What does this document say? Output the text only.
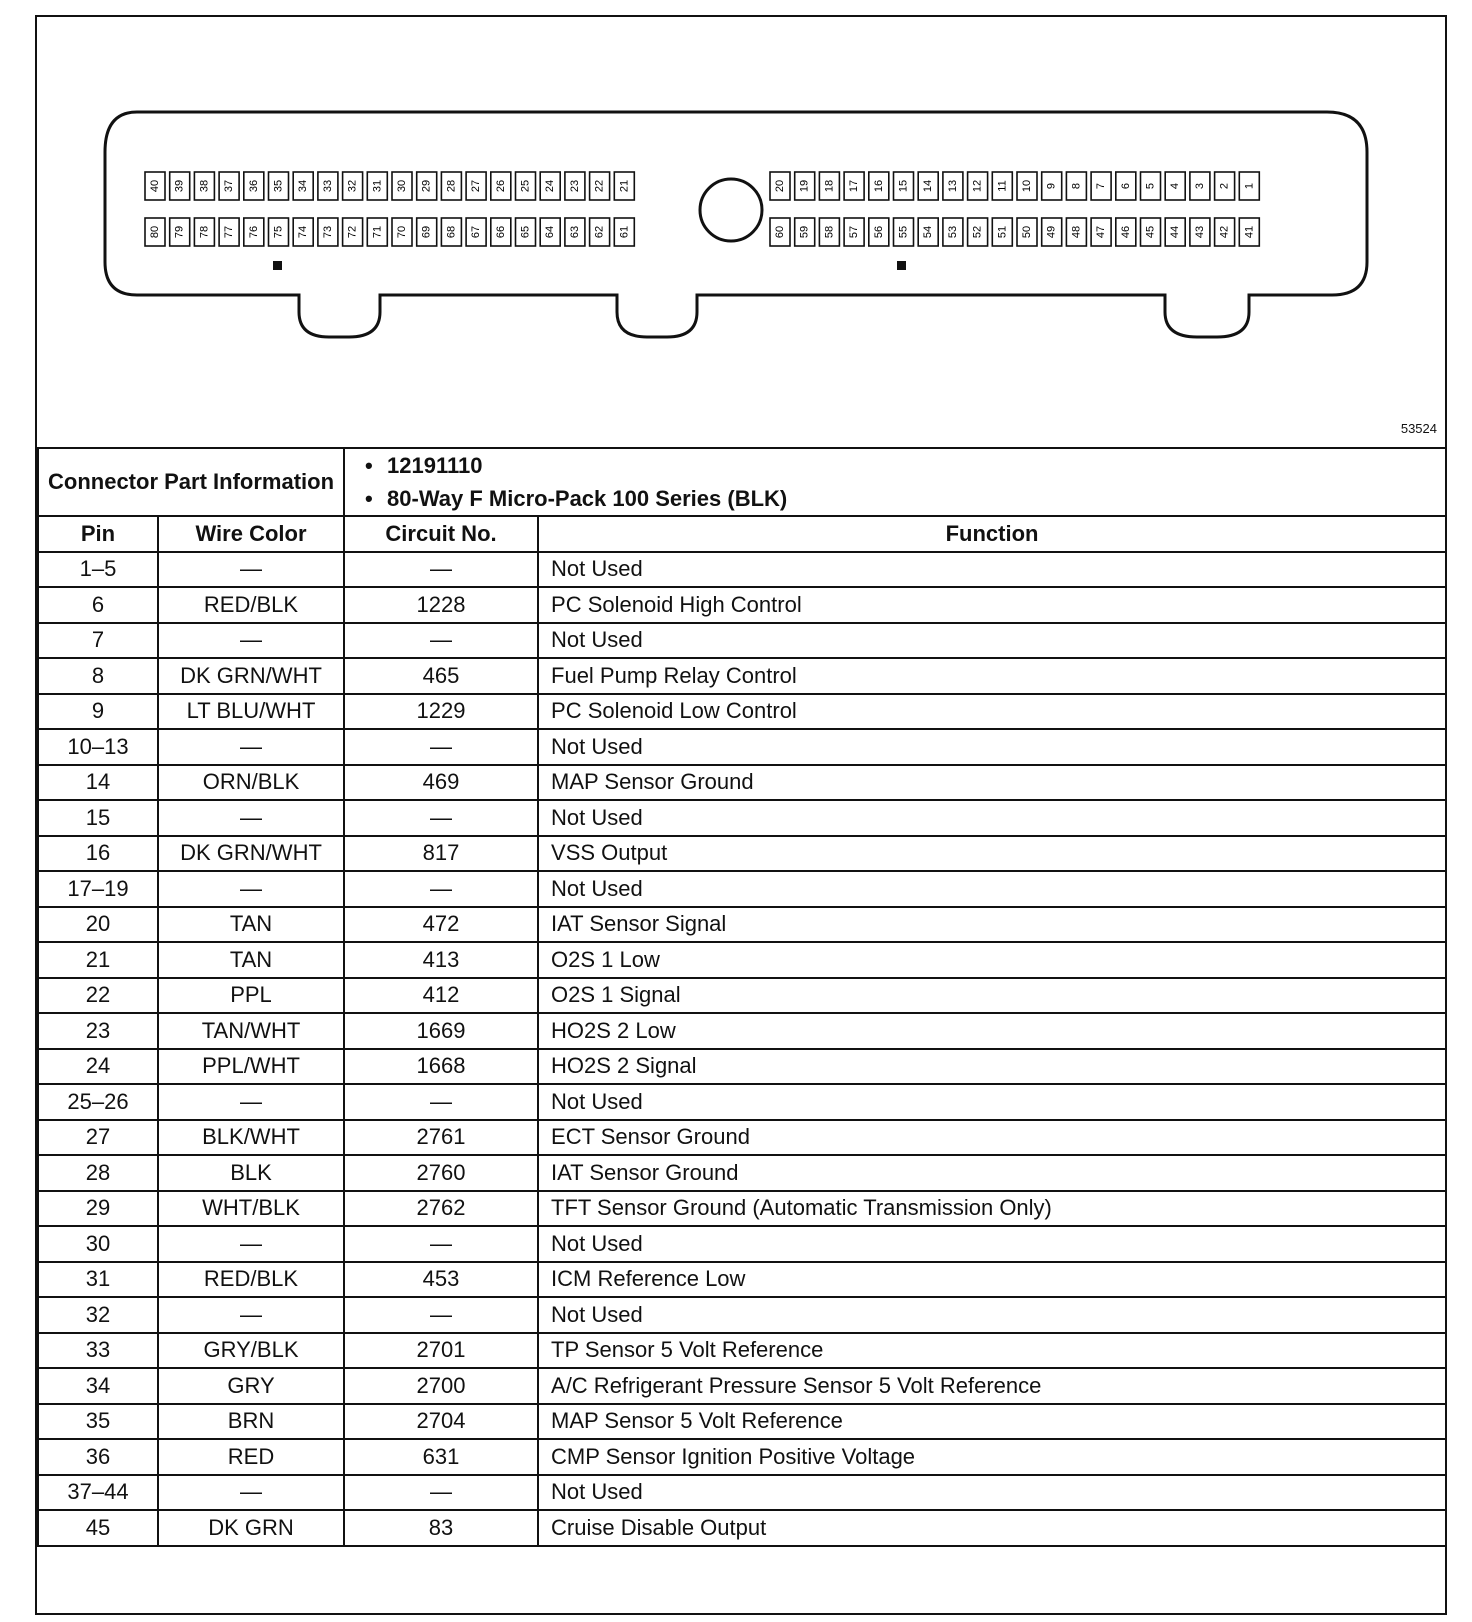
40 39 38 37 36 35 34 33 32 31 30 29 28 27 26 25 24 23 22 21
80 79 78 77 76 75 74 73 72 71 70 69 68 67 66 65 64 63 62 61
20 19 18 17 16 15 14 13 12 11 10 9 8 7 6 5 4 3 2 1
60 59 58 57 56 55 54 53 52 51 50 49 48 47 46 45 44 43 42 41
53524
Connector Part Information		• 12191110
• 80-Way F Micro-Pack 100 Series (BLK)	

Pin	Wire Color	Circuit No.	Function
1–5	—	—	Not Used
6	RED/BLK	1228	PC Solenoid High Control
7	—	—	Not Used
8	DK GRN/WHT	465	Fuel Pump Relay Control
9	LT BLU/WHT	1229	PC Solenoid Low Control
10–13	—	—	Not Used
14	ORN/BLK	469	MAP Sensor Ground
15	—	—	Not Used
16	DK GRN/WHT	817	VSS Output
17–19	—	—	Not Used
20	TAN	472	IAT Sensor Signal
21	TAN	413	O2S 1 Low
22	PPL	412	O2S 1 Signal
23	TAN/WHT	1669	HO2S 2 Low
24	PPL/WHT	1668	HO2S 2 Signal
25–26	—	—	Not Used
27	BLK/WHT	2761	ECT Sensor Ground
28	BLK	2760	IAT Sensor Ground
29	WHT/BLK	2762	TFT Sensor Ground (Automatic Transmission Only)
30	—	—	Not Used
31	RED/BLK	453	ICM Reference Low
32	—	—	Not Used
33	GRY/BLK	2701	TP Sensor 5 Volt Reference
34	GRY	2700	A/C Refrigerant Pressure Sensor 5 Volt Reference
35	BRN	2704	MAP Sensor 5 Volt Reference
36	RED	631	CMP Sensor Ignition Positive Voltage
37–44	—	—	Not Used
45	DK GRN	83	Cruise Disable Output
